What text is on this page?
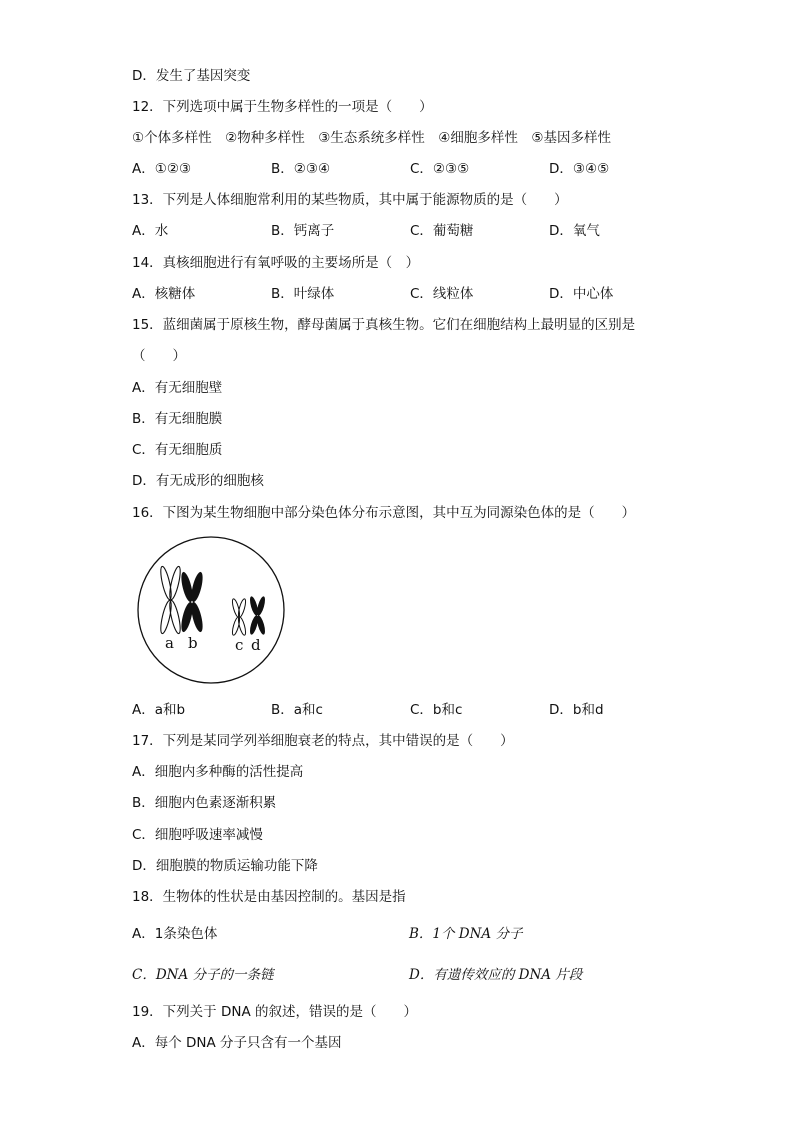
D．发生了基因突变
12．下列选项中属于生物多样性的一项是（　　）
①个体多样性　②物种多样性　③生态系统多样性　④细胞多样性　⑤基因多样性
A．①②③	B．②③④	C．②③⑤	D．③④⑤
13．下列是人体细胞常利用的某些物质，其中属于能源物质的是（　　）
A．水	B．钙离子	C．葡萄糖	D．氧气
14．真核细胞进行有氧呼吸的主要场所是（　）
A．核糖体	B．叶绿体	C．线粒体	D．中心体
15．蓝细菌属于原核生物，酵母菌属于真核生物。它们在细胞结构上最明显的区别是
（　　）
A．有无细胞壁
B．有无细胞膜
C．有无细胞质
D．有无成形的细胞核
16．下图为某生物细胞中部分染色体分布示意图，其中互为同源染色体的是（　　）
a b c d
A．a和b	B．a和c	C．b和c	D．b和d
17．下列是某同学列举细胞衰老的特点，其中错误的是（　　）
A．细胞内多种酶的活性提高
B．细胞内色素逐渐积累
C．细胞呼吸速率减慢
D．细胞膜的物质运输功能下降
18．生物体的性状是由基因控制的。基因是指
A．1条染色体	B．1个 DNA 分子
C．DNA 分子的一条链	D．有遗传效应的 DNA 片段
19．下列关于 DNA 的叙述，错误的是（　　）
A．每个 DNA 分子只含有一个基因
